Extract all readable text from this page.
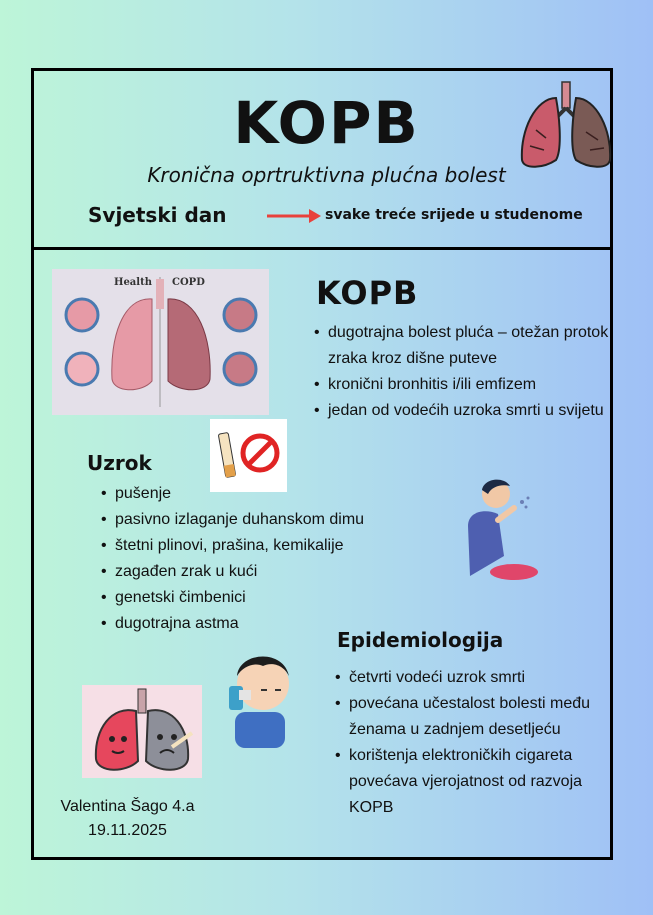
KOPB
Kronična oprtruktivna plućna bolest
Svjetski dan	svake treće srijede u studenome
Health COPD	KOPB
• dugotrajna bolest pluća – otežan protok zraka kroz dišne puteve
• kronični bronhitis i/ili emfizem
• jedan od vodećih uzroka smrti u svijetu
Uzrok
• pušenje
• pasivno izlaganje duhanskom dimu
• štetni plinovi, prašina, kemikalije
• zagađen zrak u kući
• genetski čimbenici
• dugotrajna astma
Epidemiologija
• četvrti vodeći uzrok smrti
• povećana učestalost bolesti među ženama u zadnjem desetljeću
• korištenja elektroničkih cigareta povećava vjerojatnost od razvoja KOPB
Valentina Šago 4.a
19.11.2025
